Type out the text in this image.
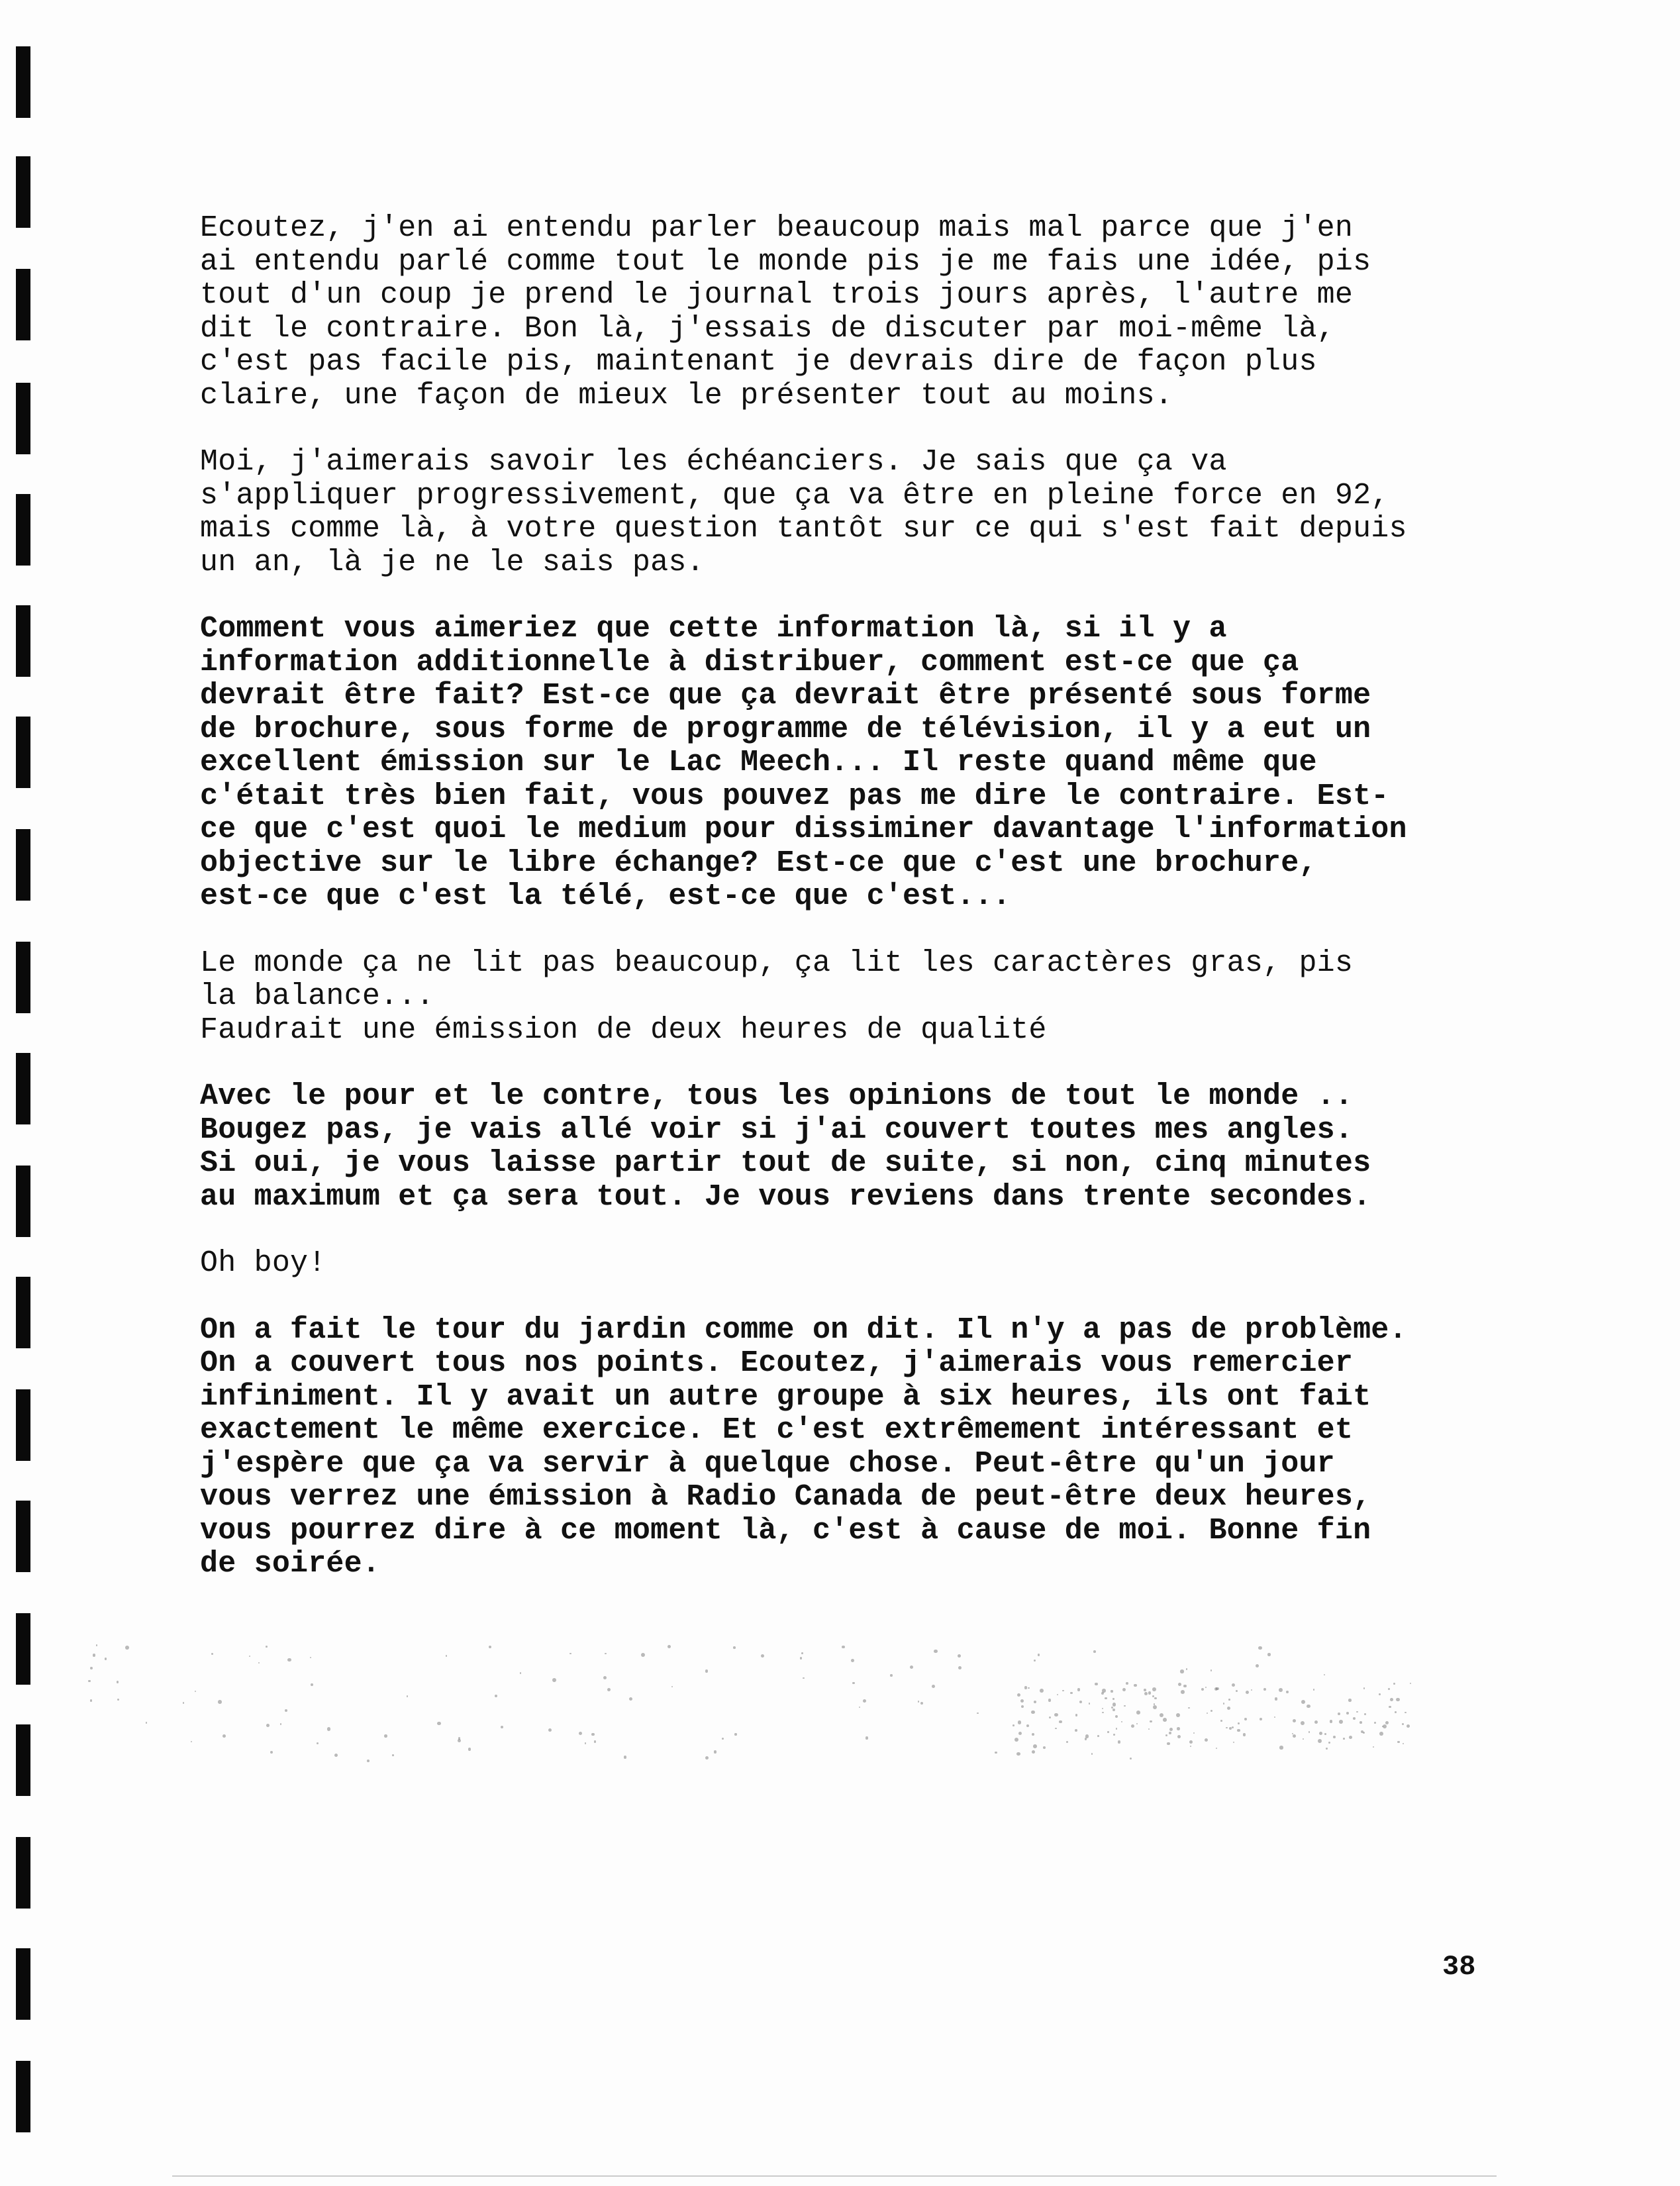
Ecoutez, j'en ai entendu parler beaucoup mais mal parce que j'en
ai entendu parlé comme tout le monde pis je me fais une idée, pis
tout d'un coup je prend le journal trois jours après, l'autre me
dit le contraire. Bon là, j'essais de discuter par moi-même là,
c'est pas facile pis, maintenant je devrais dire de façon plus
claire, une façon de mieux le présenter tout au moins.
Moi, j'aimerais savoir les échéanciers. Je sais que ça va
s'appliquer progressivement, que ça va être en pleine force en 92,
mais comme là, à votre question tantôt sur ce qui s'est fait depuis
un an, là je ne le sais pas.
Comment vous aimeriez que cette information là, si il y a
information additionnelle à distribuer, comment est-ce que ça
devrait être fait? Est-ce que ça devrait être présenté sous forme
de brochure, sous forme de programme de télévision, il y a eut un
excellent émission sur le Lac Meech... Il reste quand même que
c'était très bien fait, vous pouvez pas me dire le contraire. Est-
ce que c'est quoi le medium pour dissiminer davantage l'information
objective sur le libre échange? Est-ce que c'est une brochure,
est-ce que c'est la télé, est-ce que c'est...
Le monde ça ne lit pas beaucoup, ça lit les caractères gras, pis
la balance...
Faudrait une émission de deux heures de qualité
Avec le pour et le contre, tous les opinions de tout le monde ..
Bougez pas, je vais allé voir si j'ai couvert toutes mes angles.
Si oui, je vous laisse partir tout de suite, si non, cinq minutes
au maximum et ça sera tout. Je vous reviens dans trente secondes.
Oh boy!
On a fait le tour du jardin comme on dit. Il n'y a pas de problème.
On a couvert tous nos points. Ecoutez, j'aimerais vous remercier
infiniment. Il y avait un autre groupe à six heures, ils ont fait
exactement le même exercice. Et c'est extrêmement intéressant et
j'espère que ça va servir à quelque chose. Peut-être qu'un jour
vous verrez une émission à Radio Canada de peut-être deux heures,
vous pourrez dire à ce moment là, c'est à cause de moi. Bonne fin
de soirée.
38
